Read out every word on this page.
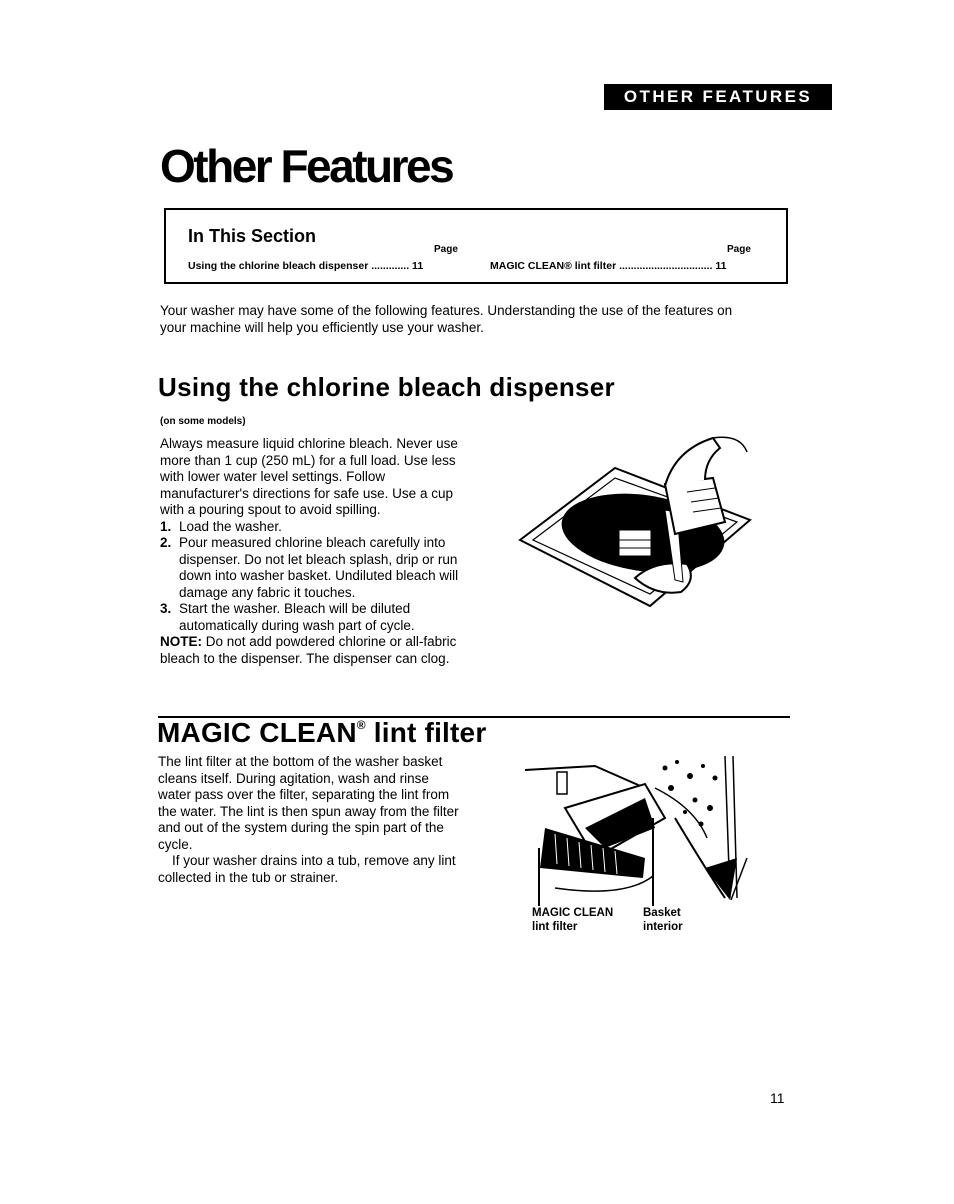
OTHER FEATURES
Other Features
In This Section
Page	Page
Using the chlorine bleach dispenser ............. 11	MAGIC CLEAN® lint filter ................................ 11

Your washer may have some of the following features. Understanding the use of the features on
your machine will help you efficiently use your washer.

Using the chlorine bleach dispenser
(on some models)

Always measure liquid chlorine bleach. Never use more than 1 cup (250 mL) for a full load. Use less with lower water level settings. Follow manufacturer's directions for safe use. Use a cup with a pouring spout to avoid spilling.

1. Load the washer.
2. Pour measured chlorine bleach carefully into dispenser. Do not let bleach splash, drip or run down into washer basket. Undiluted bleach will damage any fabric it touches.
3. Start the washer. Bleach will be diluted automatically during wash part of cycle.

NOTE: Do not add powdered chlorine or all-fabric bleach to the dispenser. The dispenser can clog.

MAGIC CLEAN® lint filter

The lint filter at the bottom of the washer basket cleans itself. During agitation, wash and rinse water pass over the filter, separating the lint from the water. The lint is then spun away from the filter and out of the system during the spin part of the cycle.

If your washer drains into a tub, remove any lint collected in the tub or strainer.

MAGIC CLEAN
lint filter
Basket
interior
11
